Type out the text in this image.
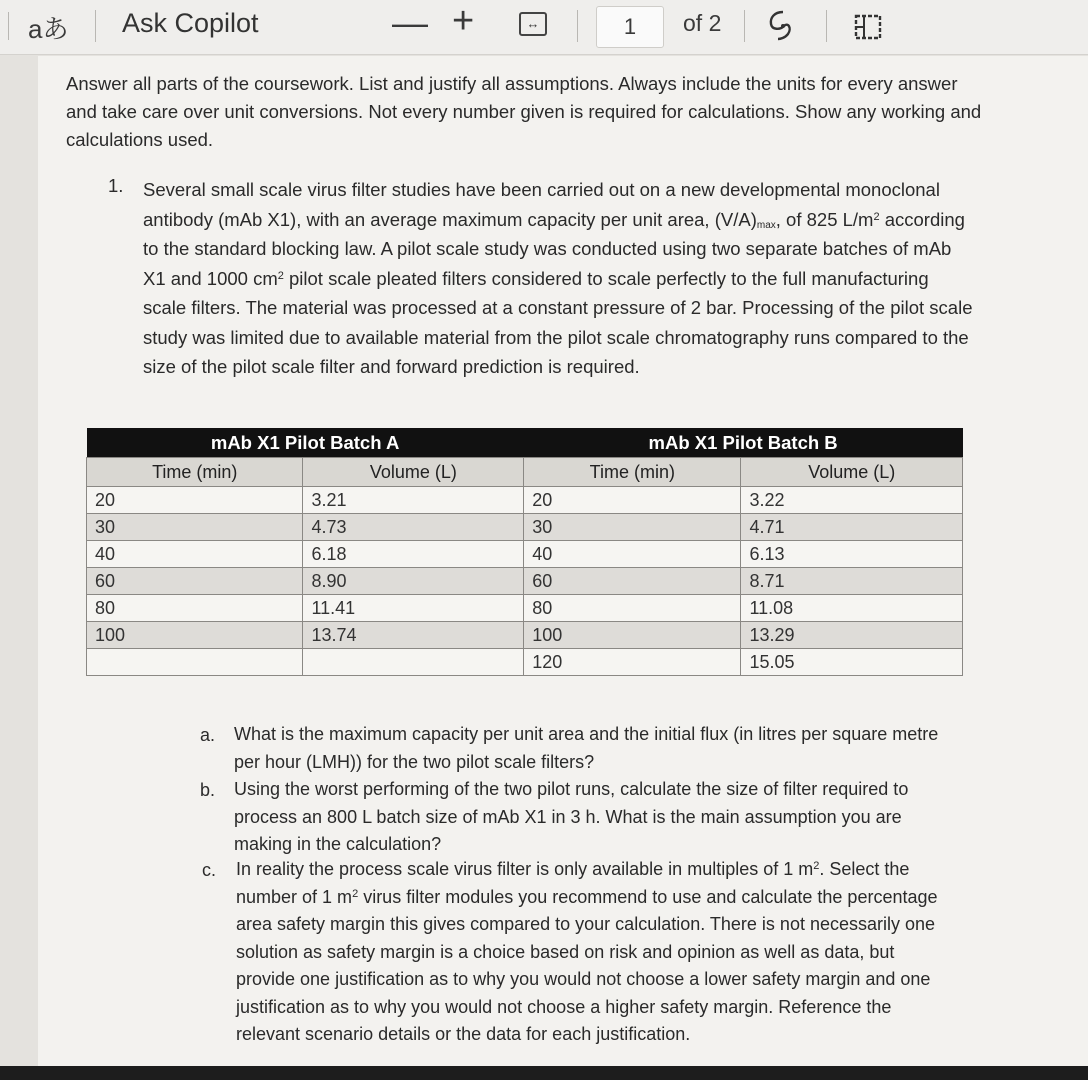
aあ Ask Copilot	— +	↔	1	of 2
Answer all parts of the coursework. List and justify all assumptions. Always include the units for every answer and take care over unit conversions. Not every number given is required for calculations. Show any working and calculations used.
1. Several small scale virus filter studies have been carried out on a new developmental monoclonal antibody (mAb X1), with an average maximum capacity per unit area, $(V/A)_{max}$, of 825 $L/m^2$ according to the standard blocking law. A pilot scale study was conducted using two separate batches of mAb X1 and 1000 $cm^2$ pilot scale pleated filters considered to scale perfectly to the full manufacturing scale filters. The material was processed at a constant pressure of 2 bar. Processing of the pilot scale study was limited due to available material from the pilot scale chromatography runs compared to the size of the pilot scale filter and forward prediction is required.
mAb X1 Pilot Batch A		mAb X1 Pilot Batch B	
Time (min)	Volume (L)	Time (min)	Volume (L)
20	3.21	20	3.22
30	4.73	30	4.71
40	6.18	40	6.13
60	8.90	60	8.71
80	11.41	80	11.08
100	13.74	100	13.29
		120	15.05
a. What is the maximum capacity per unit area and the initial flux (in litres per square metre per hour (LMH)) for the two pilot scale filters?
b. Using the worst performing of the two pilot runs, calculate the size of filter required to process an 800 L batch size of mAb X1 in 3 h. What is the main assumption you are making in the calculation?
c. In reality the process scale virus filter is only available in multiples of 1 $m^2$. Select the number of 1 $m^2$ virus filter modules you recommend to use and calculate the percentage area safety margin this gives compared to your calculation. There is not necessarily one solution as safety margin is a choice based on risk and opinion as well as data, but provide one justification as to why you would not choose a lower safety margin and one justification as to why you would not choose a higher safety margin. Reference the relevant scenario details or the data for each justification.
